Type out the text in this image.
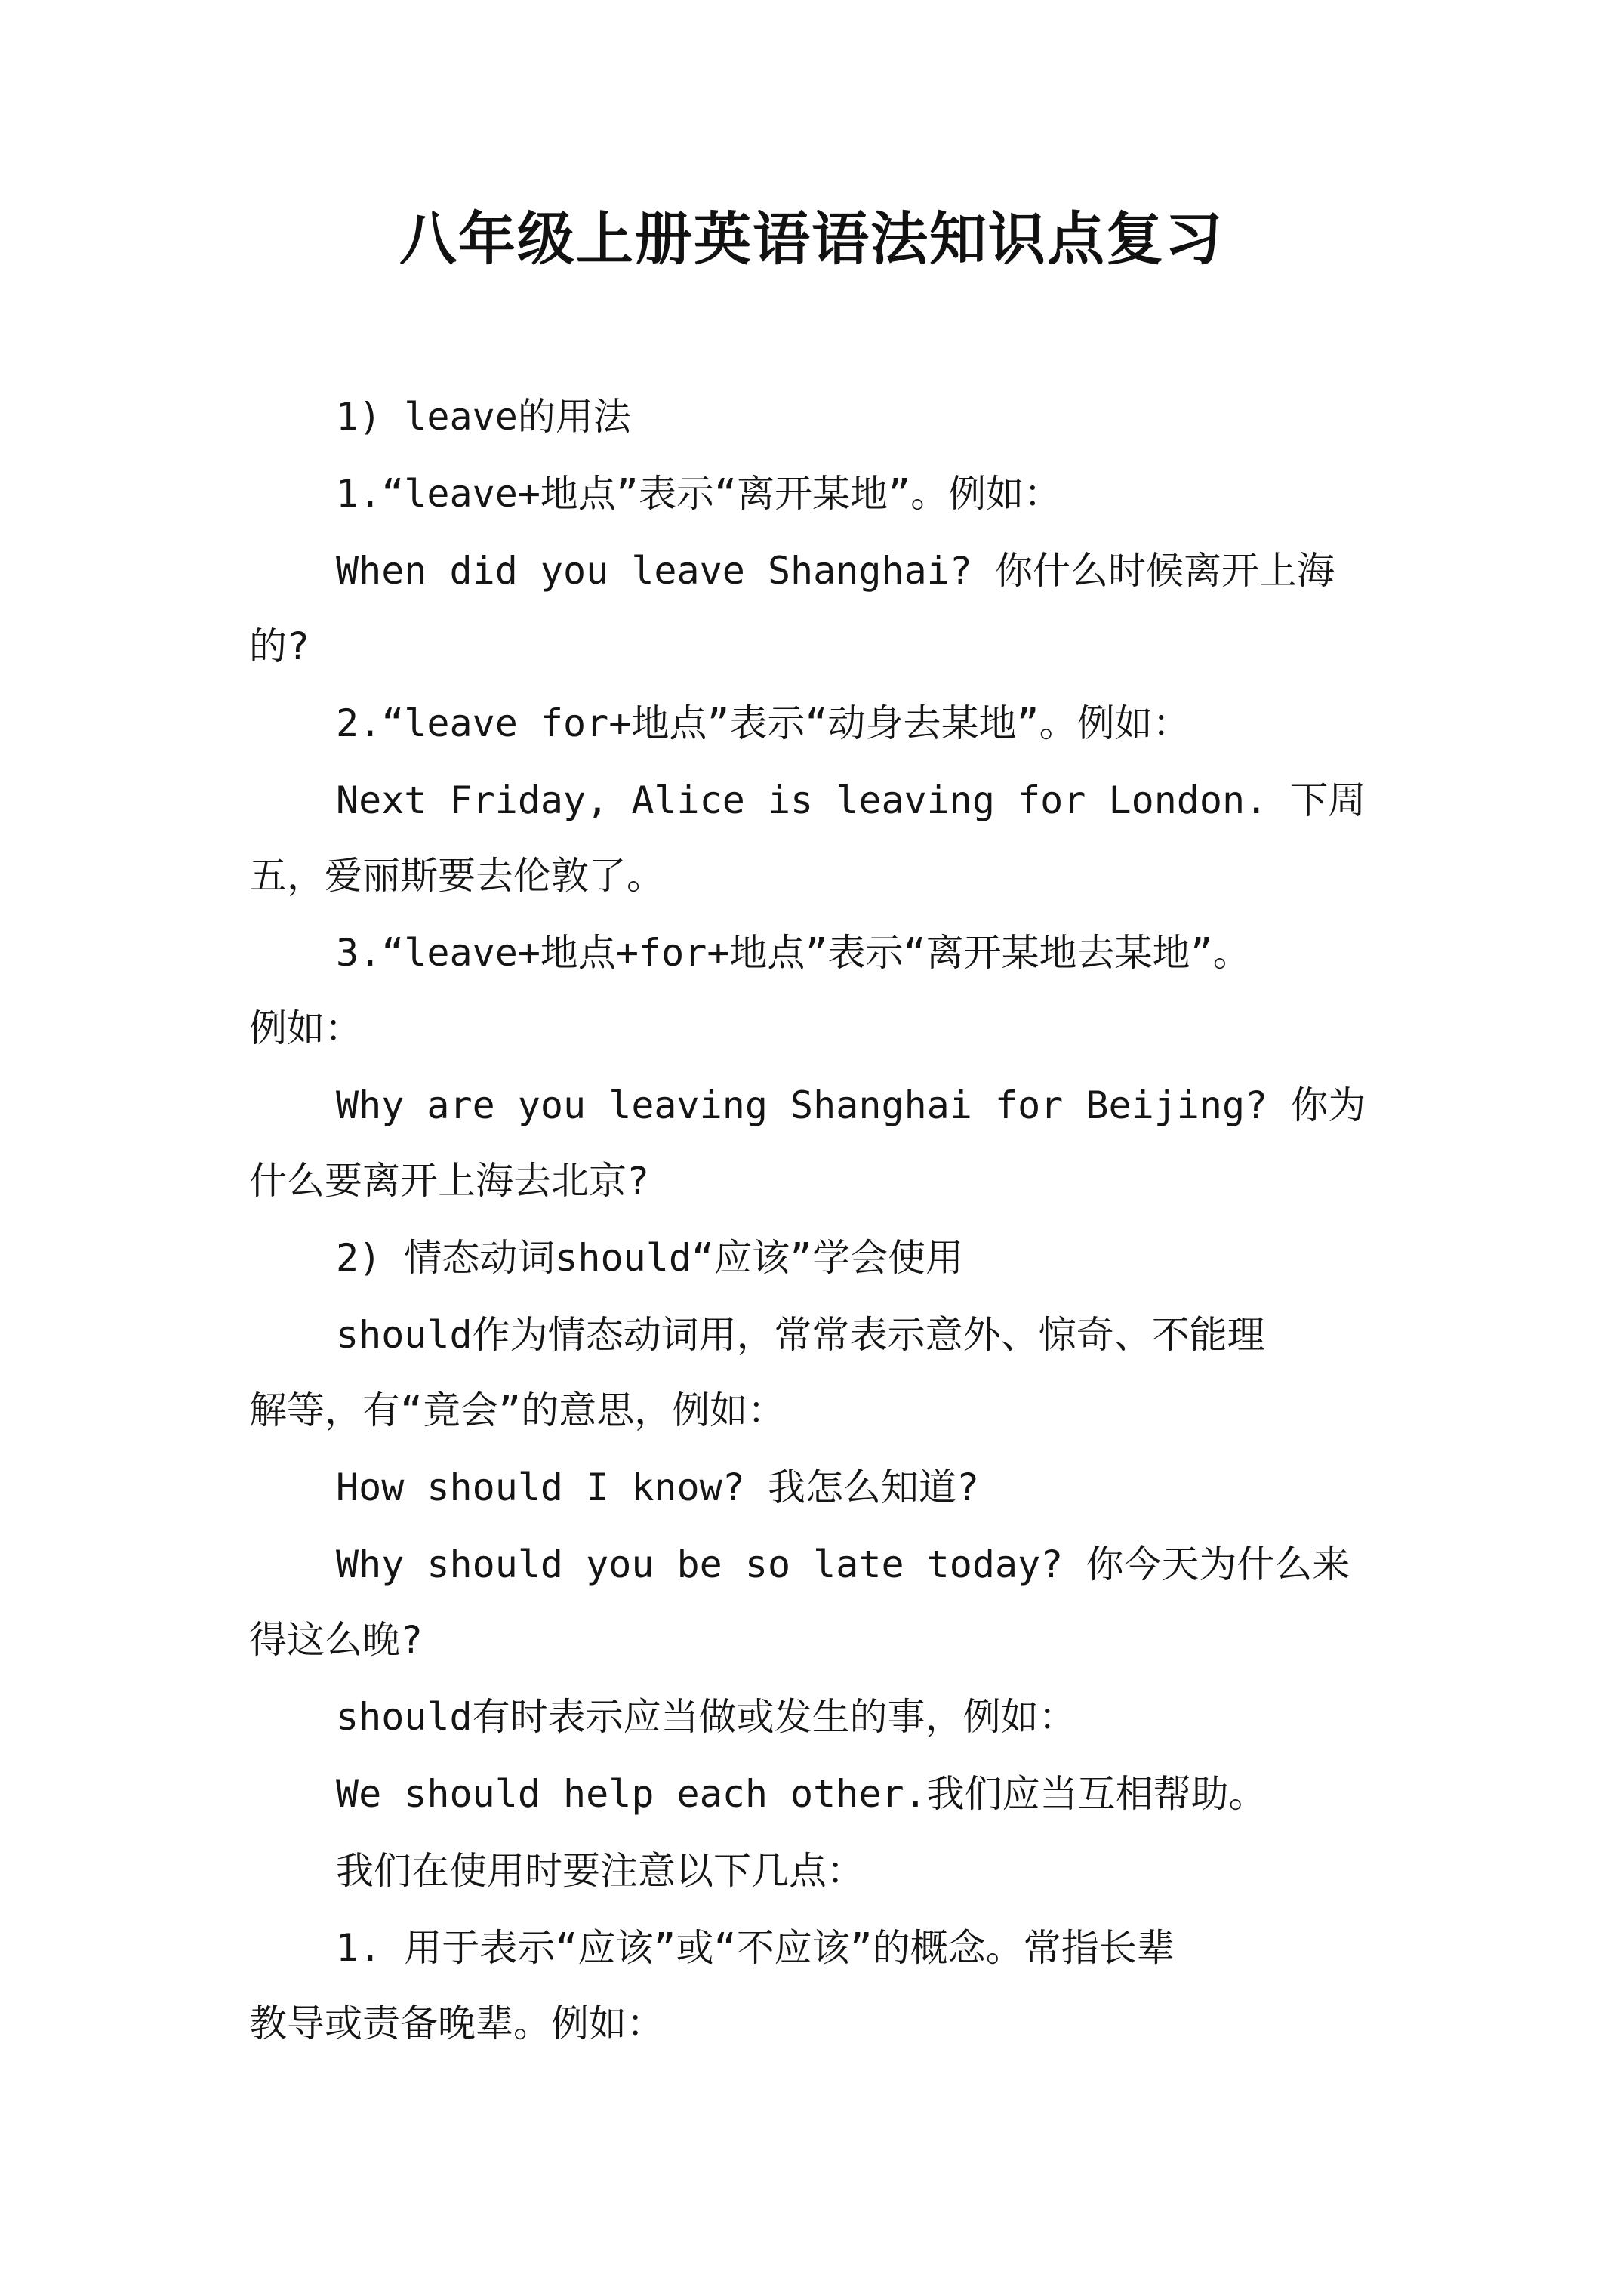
八年级上册英语语法知识点复习

1) leave的用法

1.“leave+地点”表示“离开某地”。例如：

When did you leave Shanghai? 你什么时候离开上海

的?

2.“leave for+地点”表示“动身去某地”。例如：

Next Friday, Alice is leaving for London. 下周

五，爱丽斯要去伦敦了。

3.“leave+地点+for+地点”表示“离开某地去某地”。

例如：

Why are you leaving Shanghai for Beijing? 你为

什么要离开上海去北京?

2) 情态动词should“应该”学会使用

should作为情态动词用，常常表示意外、惊奇、不能理

解等，有“竟会”的意思，例如：

How should I know? 我怎么知道?

Why should you be so late today? 你今天为什么来

得这么晚?

should有时表示应当做或发生的事，例如：

We should help each other.我们应当互相帮助。

我们在使用时要注意以下几点：

1. 用于表示“应该”或“不应该”的概念。常指长辈

教导或责备晚辈。例如：
